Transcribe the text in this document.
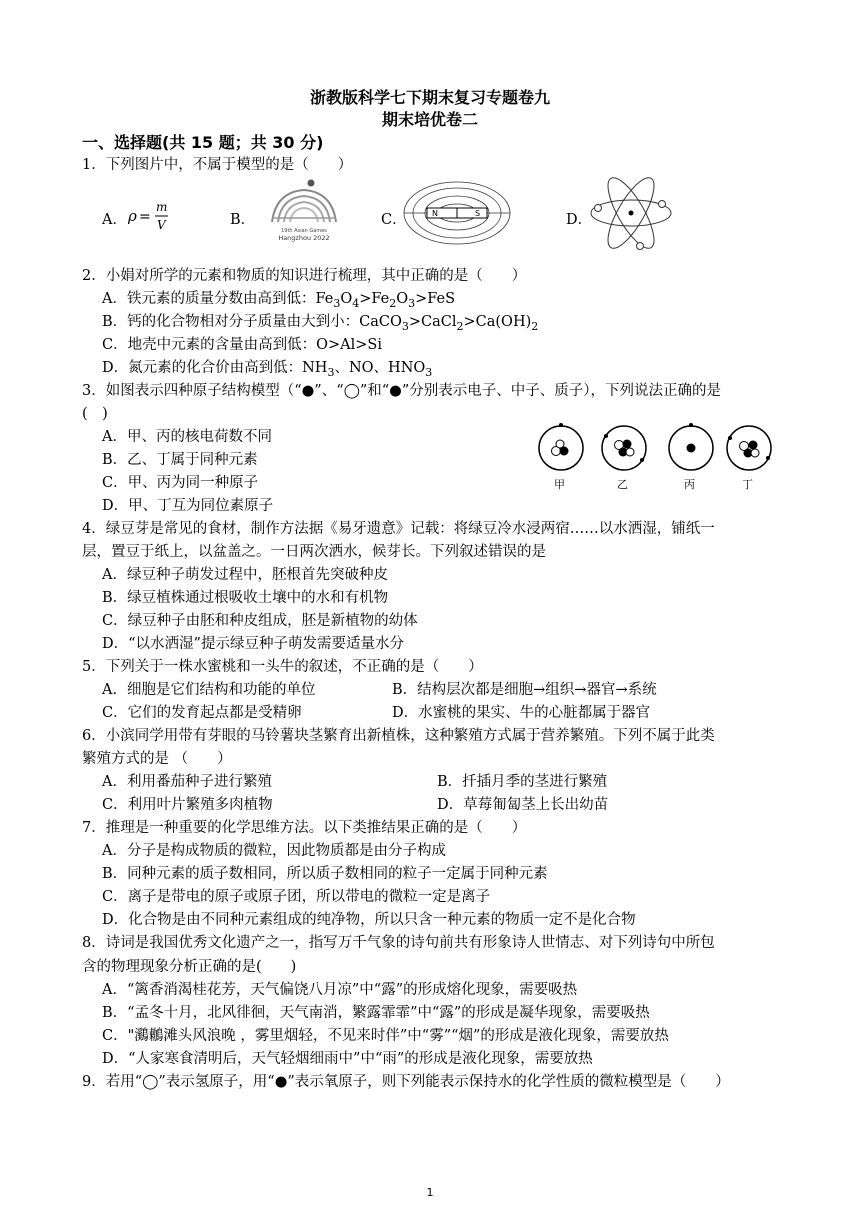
浙教版科学七下期末复习专题卷九
期末培优卷二
一、选择题(共 15 题；共 30 分)
1．下列图片中，不属于模型的是（　　）
A． ρ =
m
V	B．
19th Asian Games
Hangzhou 2022
C．	N	S	D．
2．小娟对所学的元素和物质的知识进行梳理，其中正确的是（　　）
A．铁元素的质量分数由高到低：$Fe_3O_4>Fe_2O_3>FeS$
B．钙的化合物相对分子质量由大到小：$CaCO_3>CaCl_2>Ca(OH)_2$
C．地壳中元素的含量由高到低：O>Al>Si
D．氮元素的化合价由高到低：$NH_3$、NO、$HNO_3$
3．如图表示四种原子结构模型（“●”、“◯”和“●”分别表示电子、中子、质子），下列说法正确的是
(　)
A．甲、丙的核电荷数不同
B．乙、丁属于同种元素
C．甲、丙为同一种原子
D．甲、丁互为同位素原子
甲	乙	丙	丁
4．绿豆芽是常见的食材，制作方法据《易牙遗意》记载：将绿豆冷水浸两宿……以水洒湿，铺纸一
层，置豆于纸上，以盆盖之。一日两次洒水，候芽长。下列叙述错误的是
A．绿豆种子萌发过程中，胚根首先突破种皮
B．绿豆植株通过根吸收土壤中的水和有机物
C．绿豆种子由胚和种皮组成，胚是新植物的幼体
D．“以水洒湿”提示绿豆种子萌发需要适量水分
5．下列关于一株水蜜桃和一头牛的叙述，不正确的是（　　）
A．细胞是它们结构和功能的单位	B．结构层次都是细胞→组织→器官→系统
C．它们的发育起点都是受精卵	D．水蜜桃的果实、牛的心脏都属于器官
6．小滨同学用带有芽眼的马铃薯块茎繁育出新植株，这种繁殖方式属于营养繁殖。下列不属于此类
繁殖方式的是 （　　）
A．利用番茄种子进行繁殖	B．扦插月季的茎进行繁殖
C．利用叶片繁殖多肉植物	D．草莓匍匐茎上长出幼苗
7．推理是一种重要的化学思维方法。以下类推结果正确的是（　　）
A．分子是构成物质的微粒，因此物质都是由分子构成
B．同种元素的质子数相同，所以质子数相同的粒子一定属于同种元素
C．离子是带电的原子或原子团，所以带电的微粒一定是离子
D．化合物是由不同种元素组成的纯净物，所以只含一种元素的物质一定不是化合物
8．诗词是我国优秀文化遗产之一，指写万千气象的诗句前共有形象诗人世情志、对下列诗句中所包
含的物理现象分析正确的是(　　)
A．“篱香消渴桂花芳，天气偏饶八月凉”中“露”的形成熔化现象，需要吸热
B．“孟冬十月，北风徘徊，天气南消，繁露霏霏”中“露”的形成是凝华现象，需要吸热
C．"鸂鶒滩头风浪晚 ，雾里烟轻，不见来时伴”中“雾”“烟”的形成是液化现象，需要放热
D．“人家寒食清明后，天气轻烟细雨中”中“雨”的形成是液化现象，需要放热
9．若用“◯”表示氢原子，用“●”表示氧原子，则下列能表示保持水的化学性质的微粒模型是（　　）
1
